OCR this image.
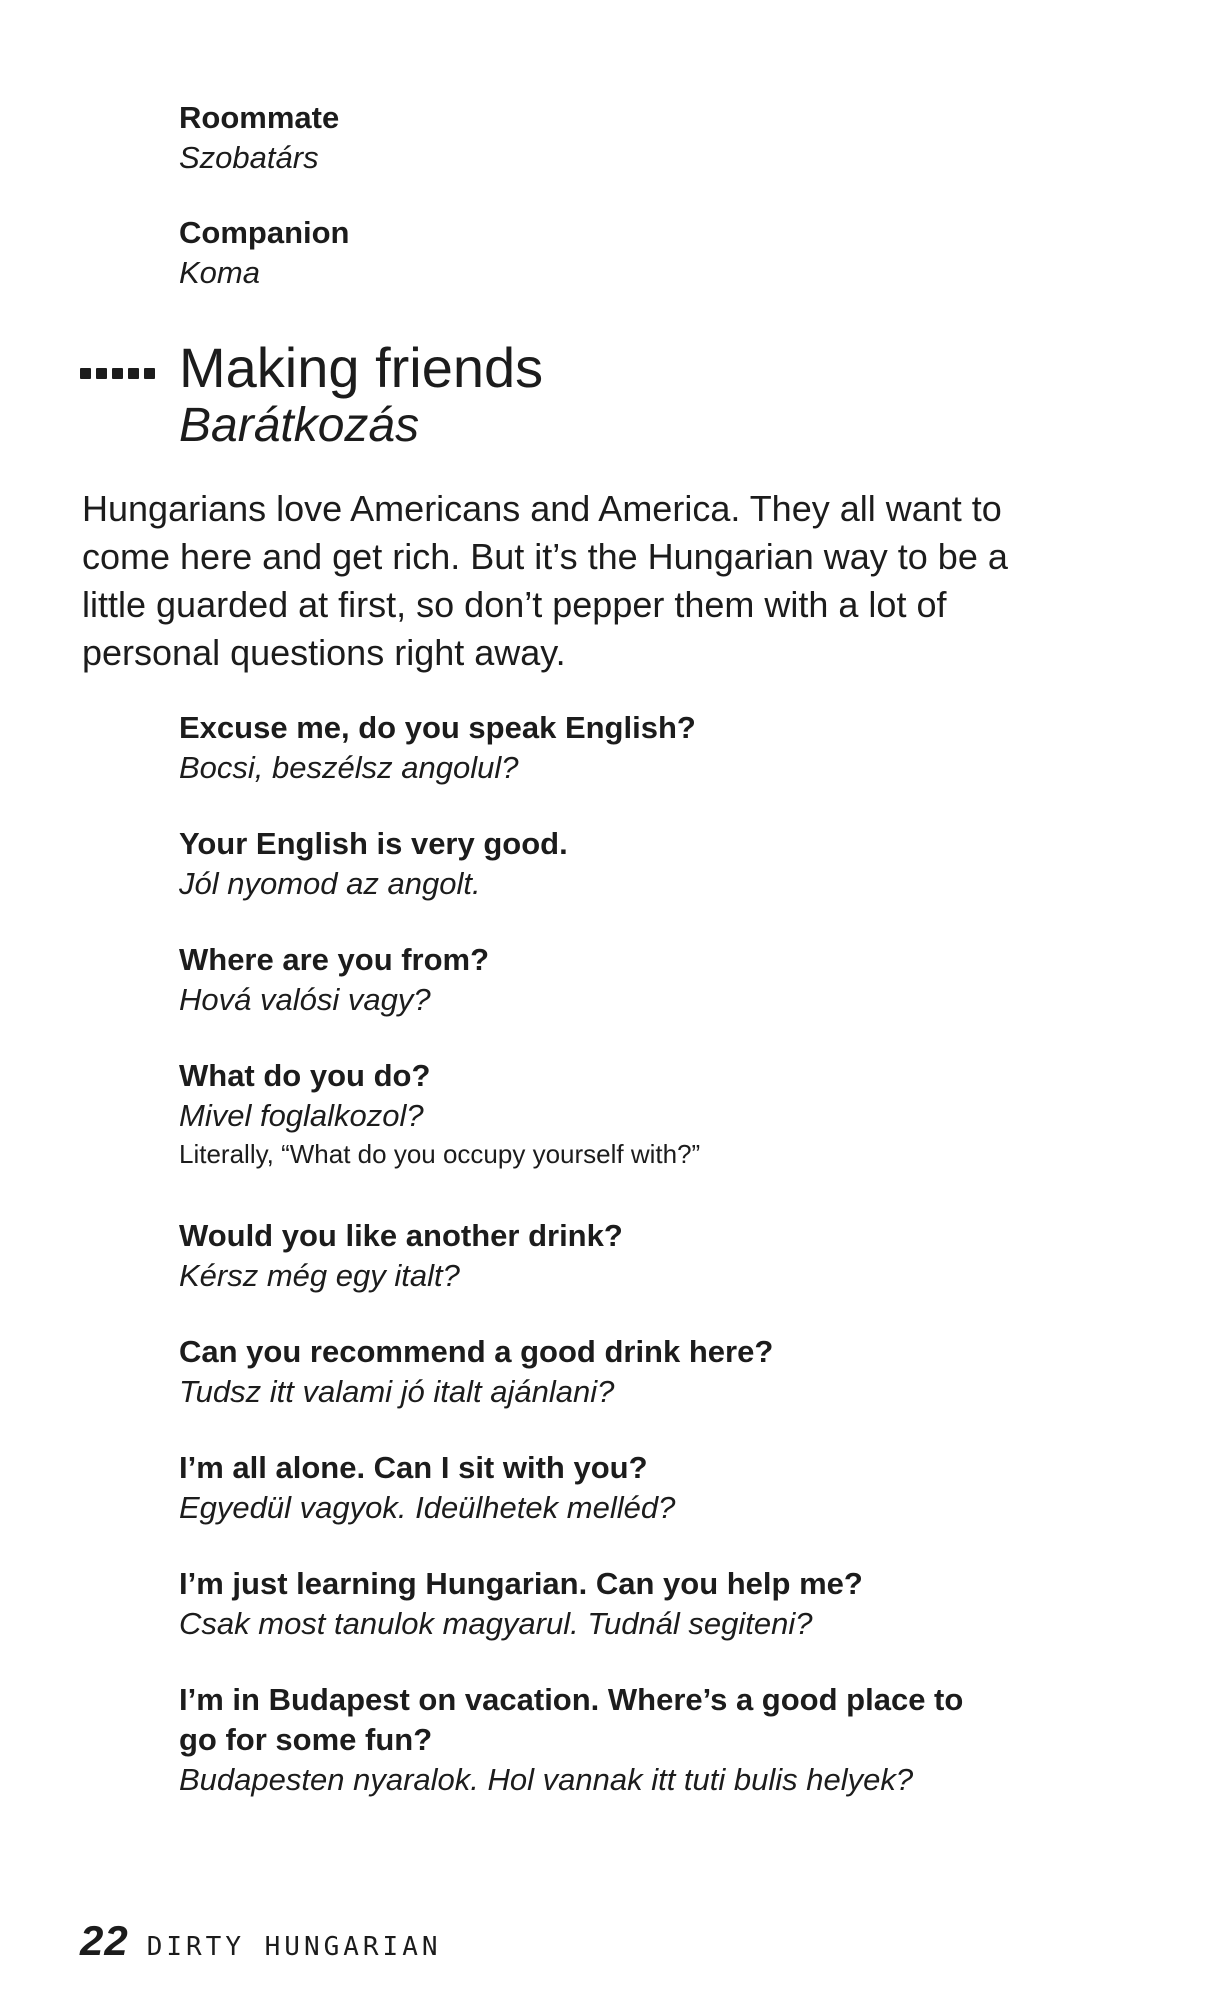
Roommate
Szobatárs
Companion
Koma
Making friends
Barátkozás
Hungarians love Americans and America. They all want to come here and get rich. But it’s the Hungarian way to be a little guarded at first, so don’t pepper them with a lot of personal questions right away.
Excuse me, do you speak English?
Bocsi, beszélsz angolul?
Your English is very good.
Jól nyomod az angolt.
Where are you from?
Hová valósi vagy?
What do you do?
Mivel foglalkozol?
Literally, “What do you occupy yourself with?”
Would you like another drink?
Kérsz még egy italt?
Can you recommend a good drink here?
Tudsz itt valami jó italt ajánlani?
I’m all alone. Can I sit with you?
Egyedül vagyok. Ideülhetek melléd?
I’m just learning Hungarian. Can you help me?
Csak most tanulok magyarul. Tudnál segiteni?
I’m in Budapest on vacation. Where’s a good place to
go for some fun?
Budapesten nyaralok. Hol vannak itt tuti bulis helyek?
22 DIRTY HUNGARIAN
